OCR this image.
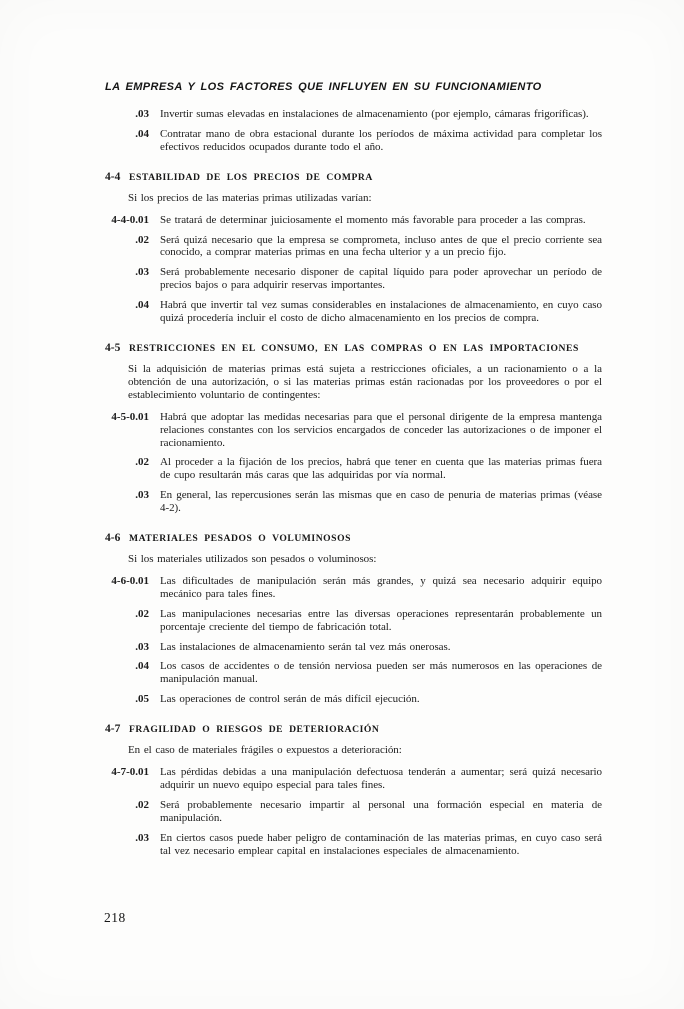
LA EMPRESA Y LOS FACTORES QUE INFLUYEN EN SU FUNCIONAMIENTO
.03 Invertir sumas elevadas en instalaciones de almacenamiento (por ejemplo, cámaras frigoríficas).

.04 Contratar mano de obra estacional durante los períodos de máxima actividad para completar los efectivos reducidos ocupados durante todo el año.

4-4 ESTABILIDAD DE LOS PRECIOS DE COMPRA

Si los precios de las materias primas utilizadas varían:

4-4-0.01 Se tratará de determinar juiciosamente el momento más favorable para proceder a las compras.

.02 Será quizá necesario que la empresa se comprometa, incluso antes de que el precio corriente sea conocido, a comprar materias primas en una fecha ulterior y a un precio fijo.

.03 Será probablemente necesario disponer de capital líquido para poder aprovechar un período de precios bajos o para adquirir reservas importantes.

.04 Habrá que invertir tal vez sumas considerables en instalaciones de almacenamiento, en cuyo caso quizá procedería incluir el costo de dicho almacenamiento en los precios de compra.

4-5 RESTRICCIONES EN EL CONSUMO, EN LAS COMPRAS O EN LAS IMPORTACIONES

Si la adquisición de materias primas está sujeta a restricciones oficiales, a un racionamiento o a la obtención de una autorización, o si las materias primas están racionadas por los proveedores o por el establecimiento voluntario de contingentes:

4-5-0.01 Habrá que adoptar las medidas necesarias para que el personal dirigente de la empresa mantenga relaciones constantes con los servicios encargados de conceder las autorizaciones o de imponer el racionamiento.

.02 Al proceder a la fijación de los precios, habrá que tener en cuenta que las materias primas fuera de cupo resultarán más caras que las adquiridas por vía normal.

.03 En general, las repercusiones serán las mismas que en caso de penuria de materias primas (véase 4-2).

4-6 MATERIALES PESADOS O VOLUMINOSOS

Si los materiales utilizados son pesados o voluminosos:

4-6-0.01 Las dificultades de manipulación serán más grandes, y quizá sea necesario adquirir equipo mecánico para tales fines.

.02 Las manipulaciones necesarias entre las diversas operaciones representarán probablemente un porcentaje creciente del tiempo de fabricación total.

.03 Las instalaciones de almacenamiento serán tal vez más onerosas.

.04 Los casos de accidentes o de tensión nerviosa pueden ser más numerosos en las operaciones de manipulación manual.

.05 Las operaciones de control serán de más difícil ejecución.

4-7 FRAGILIDAD O RIESGOS DE DETERIORACIÓN

En el caso de materiales frágiles o expuestos a deterioración:

4-7-0.01 Las pérdidas debidas a una manipulación defectuosa tenderán a aumentar; será quizá necesario adquirir un nuevo equipo especial para tales fines.

.02 Será probablemente necesario impartir al personal una formación especial en materia de manipulación.

.03 En ciertos casos puede haber peligro de contaminación de las materias primas, en cuyo caso será tal vez necesario emplear capital en instalaciones especiales de almacenamiento.

218
